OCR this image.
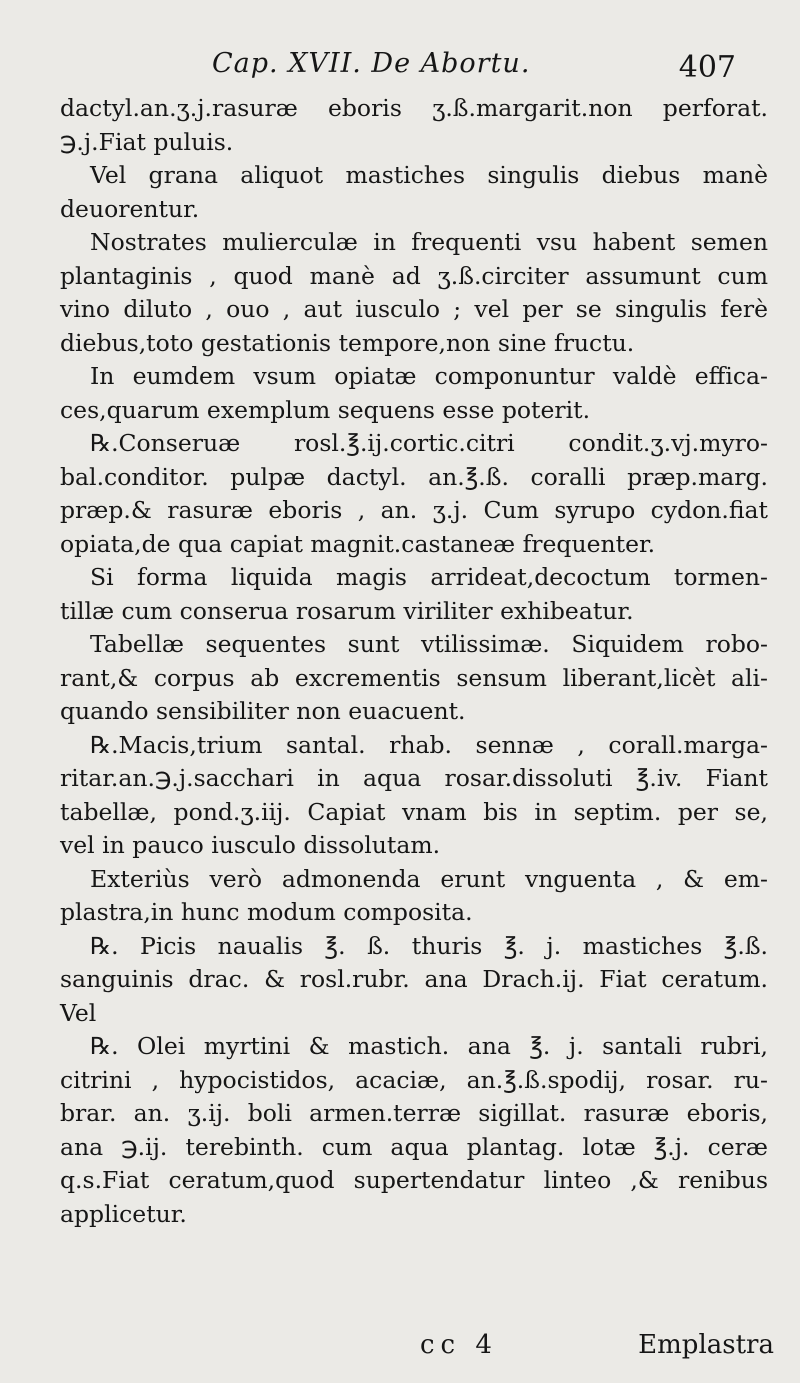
Cap. XVII. De Abortu.	407
dactyl.an.ʒ.j.rasuræ eboris ʒ.ß.margarit.non perforat.
℈.j.Fiat puluis.
Vel grana aliquot mastiches singulis diebus manè
deuorentur.
Nostrates mulierculæ in frequenti vsu habent semen
plantaginis , quod manè ad ʒ.ß.circiter assumunt cum
vino diluto , ouo , aut iusculo ; vel per se singulis ferè
diebus,toto gestationis tempore,non sine fructu.
In eumdem vsum opiatæ componuntur valdè effica-
ces,quarum exemplum sequens esse poterit.
℞.Conseruæ rosl.℥.ij.cortic.citri condit.ʒ.vj.myro-
bal.conditor. pulpæ dactyl. an.℥.ß. coralli præp.marg.
præp.& rasuræ eboris , an. ʒ.j. Cum syrupo cydon.fiat
opiata,de qua capiat magnit.castaneæ frequenter.
Si forma liquida magis arrideat,decoctum tormen-
tillæ cum conserua rosarum viriliter exhibeatur.
Tabellæ sequentes sunt vtilissimæ. Siquidem robo-
rant,& corpus ab excrementis sensum liberant,licèt ali-
quando sensibiliter non euacuent.
℞.Macis,trium santal. rhab. sennæ , corall.marga-
ritar.an.℈.j.sacchari in aqua rosar.dissoluti ℥.iv. Fiant
tabellæ, pond.ʒ.iij. Capiat vnam bis in septim. per se,
vel in pauco iusculo dissolutam.
Exteriùs verò admonenda erunt vnguenta , & em-
plastra,in hunc modum composita.
℞. Picis naualis ℥. ß. thuris ℥. j. mastiches ℥.ß.
sanguinis drac. & rosl.rubr. ana Drach.ij. Fiat ceratum.
Vel
℞. Olei myrtini & mastich. ana ℥. j. santali rubri,
citrini , hypocistidos, acaciæ, an.℥.ß.spodij, rosar. ru-
brar. an. ʒ.ij. boli armen.terræ sigillat. rasuræ eboris,
ana ℈.ij. terebinth. cum aqua plantag. lotæ ℥.j. ceræ
q.s.Fiat ceratum,quod supertendatur linteo ,& renibus
applicetur.
cc 4	Emplastra
